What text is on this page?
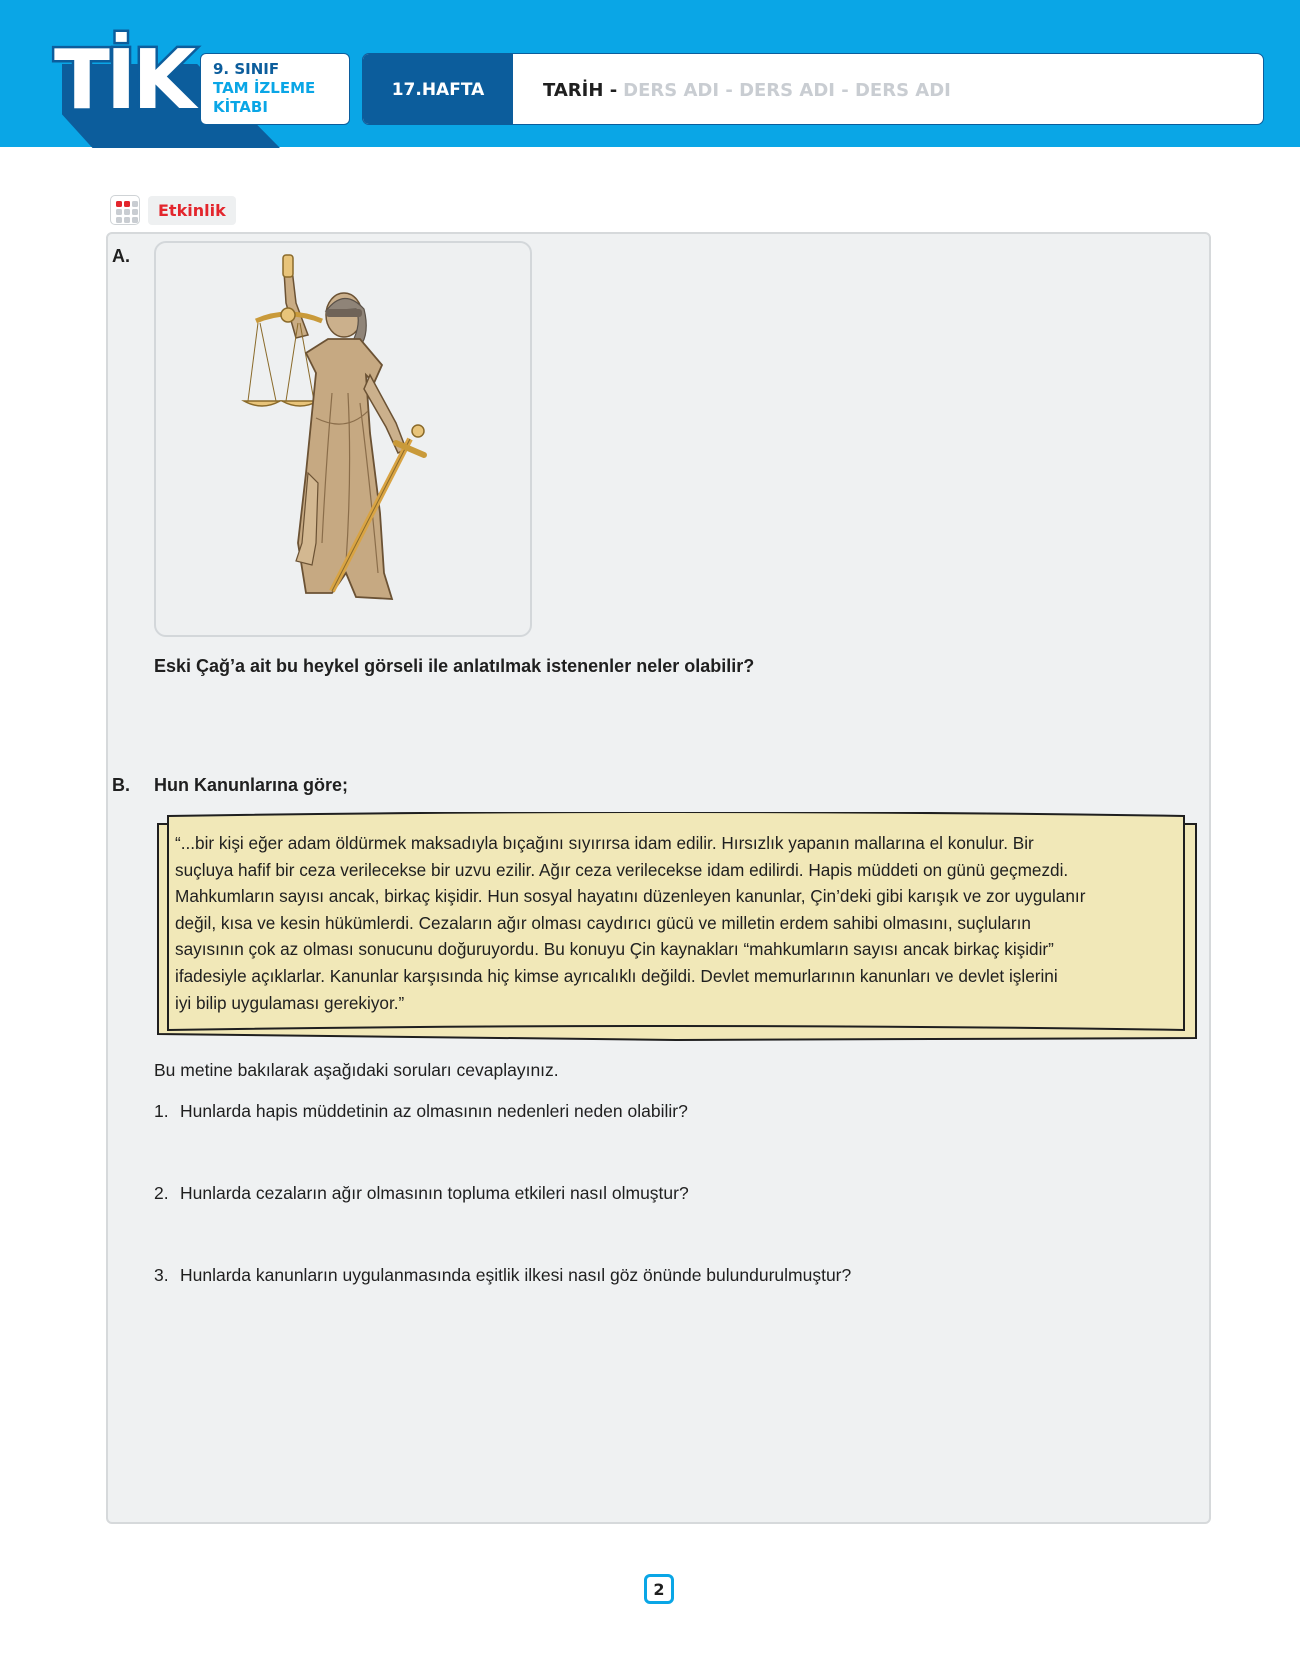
TİK 9. SINIF
TAM İZLEME
KİTABI
17.HAFTA	TARİH - DERS ADI - DERS ADI - DERS ADI
Etkinlik
A.
Eski Çağ’a ait bu heykel görseli ile anlatılmak istenenler neler olabilir?
B. Hun Kanunlarına göre;
“...bir kişi eğer adam öldürmek maksadıyla bıçağını sıyırırsa idam edilir. Hırsızlık yapanın mallarına el konulur. Bir
suçluya hafif bir ceza verilecekse bir uzvu ezilir. Ağır ceza verilecekse idam edilirdi. Hapis müddeti on günü geçmezdi.
Mahkumların sayısı ancak, birkaç kişidir. Hun sosyal hayatını düzenleyen kanunlar, Çin’deki gibi karışık ve zor uygulanır
değil, kısa ve kesin hükümlerdi. Cezaların ağır olması caydırıcı gücü ve milletin erdem sahibi olmasını, suçluların
sayısının çok az olması sonucunu doğuruyordu. Bu konuyu Çin kaynakları “mahkumların sayısı ancak birkaç kişidir”
ifadesiyle açıklarlar. Kanunlar karşısında hiç kimse ayrıcalıklı değildi. Devlet memurlarının kanunları ve devlet işlerini
iyi bilip uygulaması gerekiyor.”
Bu metine bakılarak aşağıdaki soruları cevaplayınız.
1. Hunlarda hapis müddetinin az olmasının nedenleri neden olabilir?
2. Hunlarda cezaların ağır olmasının topluma etkileri nasıl olmuştur?
3. Hunlarda kanunların uygulanmasında eşitlik ilkesi nasıl göz önünde bulundurulmuştur?
2
